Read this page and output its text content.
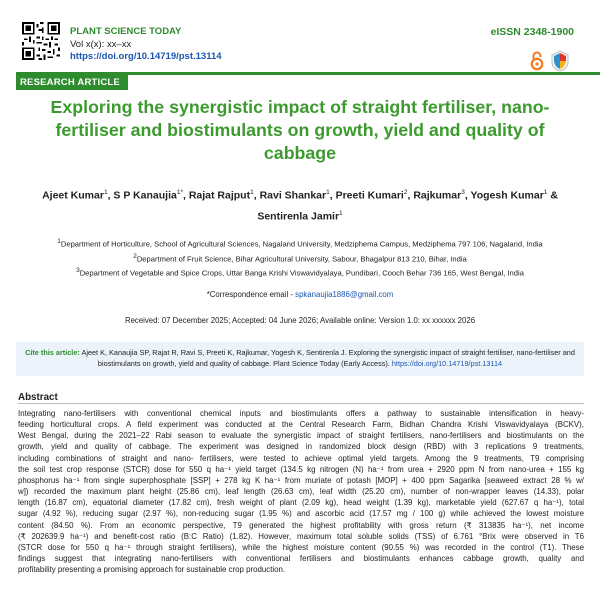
PLANT SCIENCE TODAY
Vol x(x): xx–xx
https://doi.org/10.14719/pst.13114
eISSN 2348-1900
RESEARCH ARTICLE
Exploring the synergistic impact of straight fertiliser, nano-
fertiliser and biostimulants on growth, yield and quality of
cabbage
Ajeet Kumar$^1$, S P Kanaujia$^{1*}$, Rajat Rajput$^1$, Ravi Shankar$^1$, Preeti Kumari$^2$, Rajkumar$^3$, Yogesh Kumar$^1$ &
Sentirenla Jamir$^1$
$^1$Department of Horticulture, School of Agricultural Sciences, Nagaland University, Medziphema Campus, Medziphema 797 106, Nagaland, India
$^2$Department of Fruit Science, Bihar Agricultural University, Sabour, Bhagalpur 813 210, Bihar, India
$^3$Department of Vegetable and Spice Crops, Uttar Banga Krishi Viswavidyalaya, Pundibari, Cooch Behar 736 165, West Bengal, India
*Correspondence email - spkanaujia1886@gmail.com
Received: 07 December 2025; Accepted: 04 June 2026; Available online: Version 1.0: xx xxxxxx 2026
Cite this article: Ajeet K, Kanaujia SP, Rajat R, Ravi S, Preeti K, Rajkumar, Yogesh K, Sentirenla J. Exploring the synergistic impact of straight fertiliser, nano-fertiliser and biostimulants on growth, yield and quality of cabbage. Plant Science Today (Early Access). https://doi.org/10.14719/pst.13114
Abstract
Integrating nano-fertilisers with conventional chemical inputs and biostimulants offers a pathway to sustainable intensification in heavy-
feeding horticultural crops. A field experiment was conducted at the Central Research Farm, Bidhan Chandra Krishi Viswavidyalaya (BCKV),
West Bengal, during the 2021–22 Rabi season to evaluate the synergistic impact of straight fertilisers, nano-fertilisers and biostimulants on the
growth, yield and quality of cabbage. The experiment was designed in randomized block design (RBD) with 3 replications 9 treatments,
including combinations of straight and nano- fertilisers, were tested to achieve optimal yield targets. Among the 9 treatments, T9 comprising
the soil test crop response (STCR) dose for 550 q ha⁻¹ yield target (134.5 kg nitrogen (N) ha⁻¹ from urea + 2920 ppm N from nano-urea + 155 kg
phosphorus ha⁻¹ from single superphosphate [SSP] + 278 kg K ha⁻¹ from muriate of potash [MOP] + 400 ppm Sagarika [seaweed extract 28 % w/
w]) recorded the maximum plant height (25.86 cm), leaf length (26.63 cm), leaf width (25.20 cm), number of non-wrapper leaves (14.33), polar
length (16.87 cm), equatorial diameter (17.82 cm), fresh weight of plant (2.09 kg), head weight (1.39 kg), marketable yield (627.67 q ha⁻¹), total
sugar (4.92 %), reducing sugar (2.97 %), non-reducing sugar (1.95 %) and ascorbic acid (17.57 mg / 100 g) while achieved the lowest moisture
content (84.50 %). From an economic perspective, T9 generated the highest profitability with gross return (₹ 313835 ha⁻¹), net income
(₹ 202639.9 ha⁻¹) and benefit-cost ratio (B:C Ratio) (1.82). However, maximum total soluble solids (TSS) of 6.761 °Brix were observed in T6
(STCR dose for 550 q ha⁻¹ through straight fertilisers), while the highest moisture content (90.55 %) was recorded in the control (T1). These
findings suggest that integrating nano-fertilisers with conventional fertilisers and biostimulants enhances cabbage growth, quality and
profitability presenting a promising approach for sustainable crop production.
